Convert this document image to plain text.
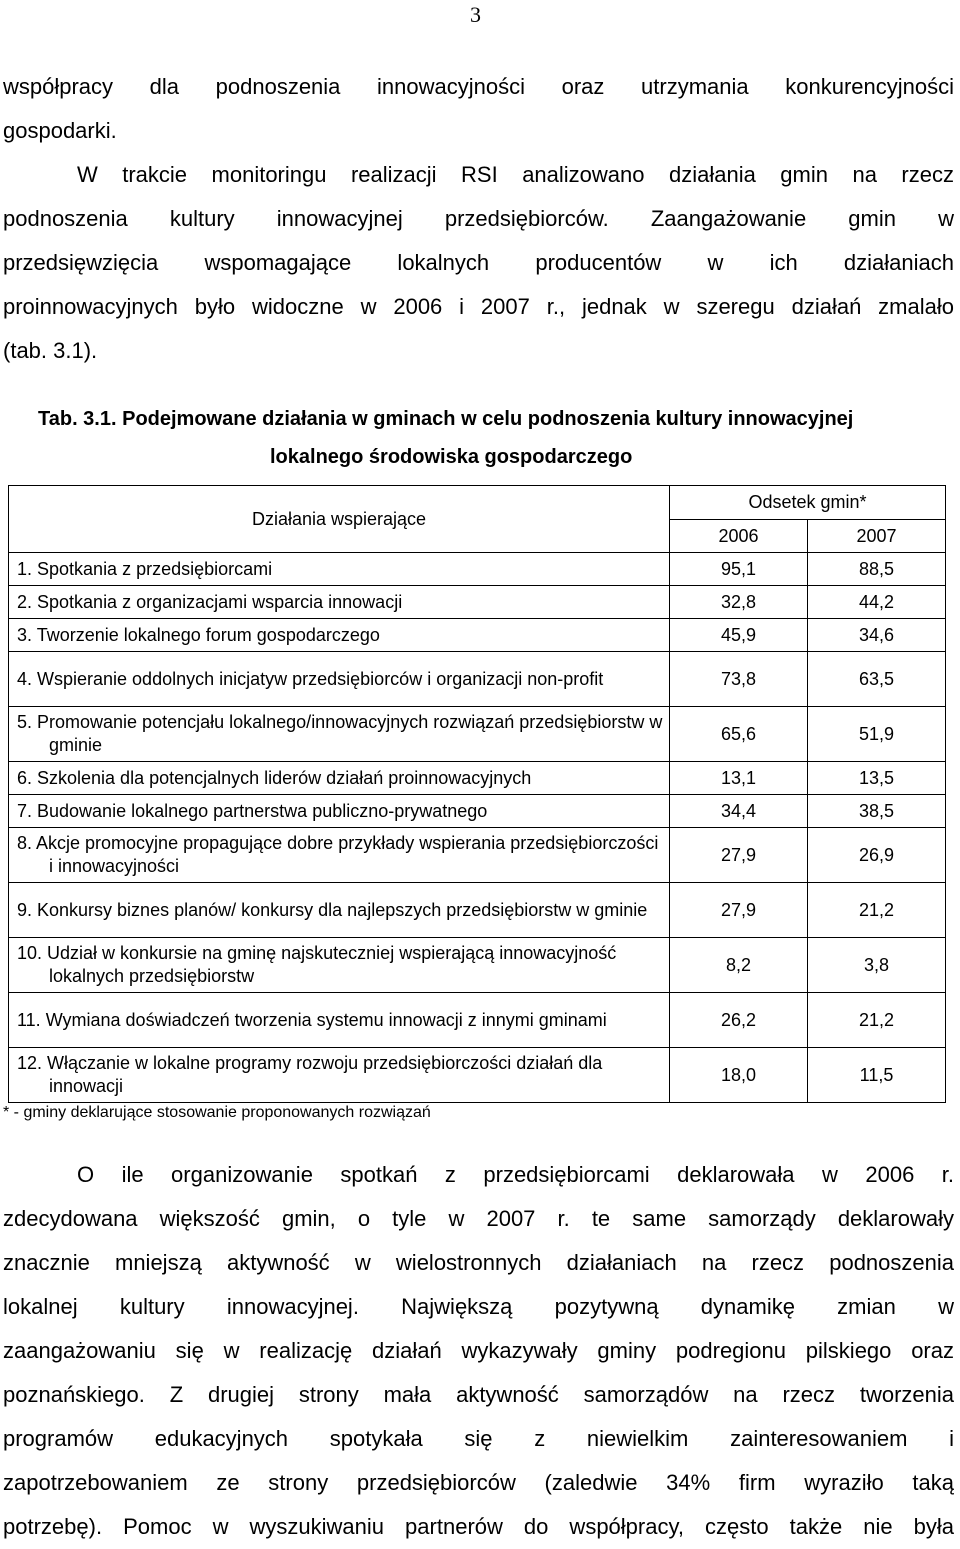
3

współpracy dla podnoszenia innowacyjności oraz utrzymania konkurencyjności
gospodarki.
W trakcie monitoringu realizacji RSI analizowano działania gmin na rzecz
podnoszenia kultury innowacyjnej przedsiębiorców. Zaangażowanie gmin w
przedsięwzięcia wspomagające lokalnych producentów w ich działaniach
proinnowacyjnych było widoczne w 2006 i 2007 r., jednak w szeregu działań zmalało
(tab. 3.1).

Tab. 3.1. Podejmowane działania w gminach w celu podnoszenia kultury innowacyjnej
lokalnego środowiska gospodarczego
Działania wspierające	Odsetek gmin*	
	2006	2007

1. Spotkania z przedsiębiorcami	95,1	88,5

2. Spotkania z organizacjami wsparcia innowacji	32,8	44,2

3. Tworzenie lokalnego forum gospodarczego	45,9	34,6

4. Wspieranie oddolnych inicjatyw przedsiębiorców i organizacji non-profit	73,8	63,5

5. Promowanie potencjału lokalnego/innowacyjnych rozwiązań przedsiębiorstw w gminie	65,6	51,9

6. Szkolenia dla potencjalnych liderów działań proinnowacyjnych	13,1	13,5

7. Budowanie lokalnego partnerstwa publiczno-prywatnego	34,4	38,5

8. Akcje promocyjne propagujące dobre przykłady wspierania przedsiębiorczości i innowacyjności	27,9	26,9

9. Konkursy biznes planów/ konkursy dla najlepszych przedsiębiorstw w gminie	27,9	21,2

10. Udział w konkursie na gminę najskuteczniej wspierającą innowacyjność lokalnych przedsiębiorstw	8,2	3,8

11. Wymiana doświadczeń tworzenia systemu innowacji z innymi gminami	26,2	21,2

12. Włączanie w lokalne programy rozwoju przedsiębiorczości działań dla innowacji	18,0	11,5
* - gminy deklarujące stosowanie proponowanych rozwiązań

O ile organizowanie spotkań z przedsiębiorcami deklarowała w 2006 r.
zdecydowana większość gmin, o tyle w 2007 r. te same samorządy deklarowały
znacznie mniejszą aktywność w wielostronnych działaniach na rzecz podnoszenia
lokalnej kultury innowacyjnej. Największą pozytywną dynamikę zmian w
zaangażowaniu się w realizację działań wykazywały gminy podregionu pilskiego oraz
poznańskiego. Z drugiej strony mała aktywność samorządów na rzecz tworzenia
programów edukacyjnych spotykała się z niewielkim zainteresowaniem i
zapotrzebowaniem ze strony przedsiębiorców (zaledwie 34% firm wyraziło taką
potrzebę). Pomoc w wyszukiwaniu partnerów do współpracy, często także nie była
